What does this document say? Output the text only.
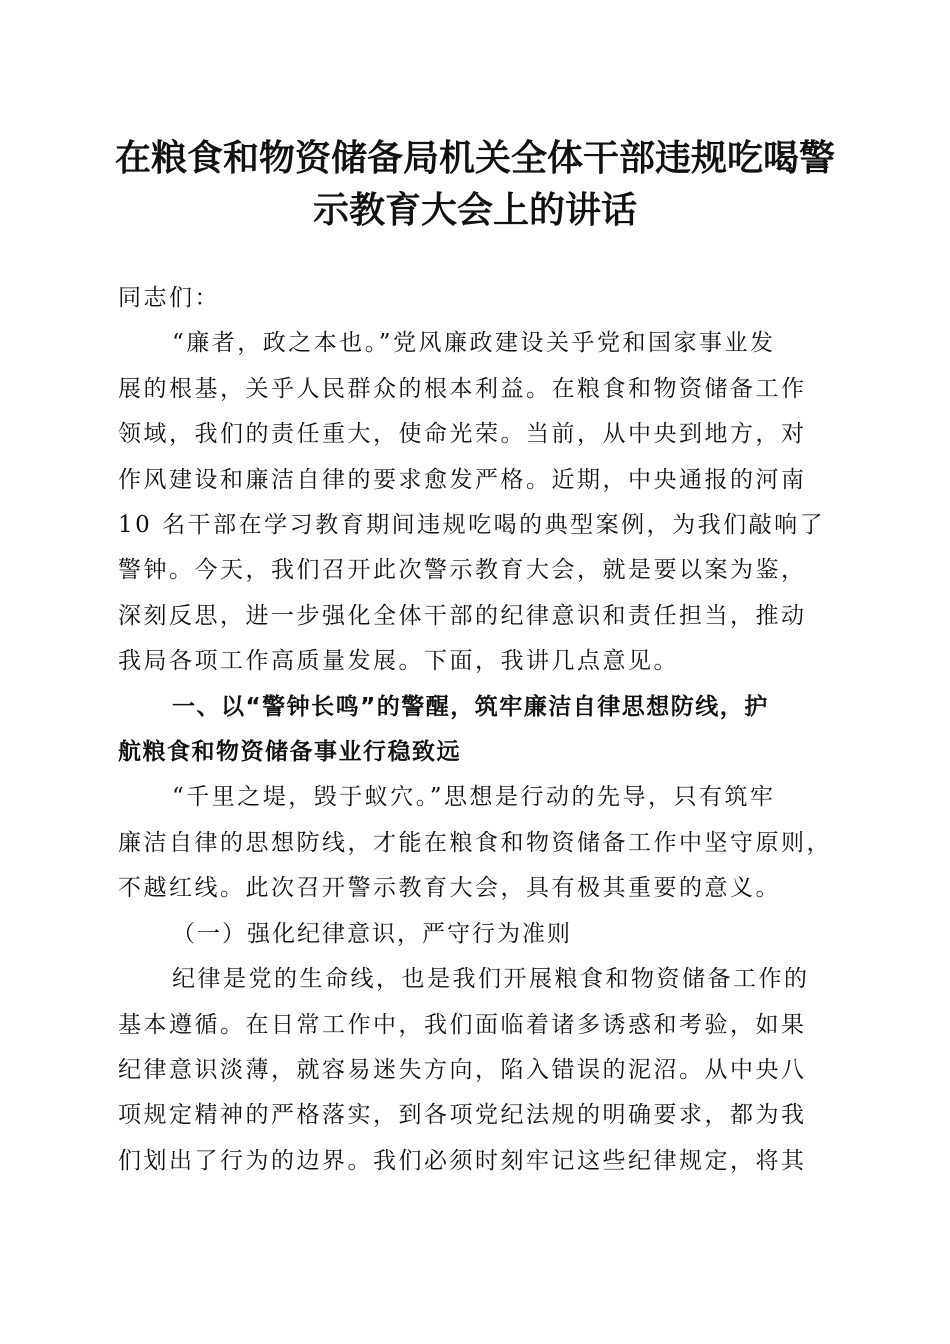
在粮食和物资储备局机关全体干部违规吃喝警
示教育大会上的讲话

同志们：

“廉者，政之本也。”党风廉政建设关乎党和国家事业发
展的根基，关乎人民群众的根本利益。在粮食和物资储备工作
领域，我们的责任重大，使命光荣。当前，从中央到地方，对
作风建设和廉洁自律的要求愈发严格。近期，中央通报的河南
10 名干部在学习教育期间违规吃喝的典型案例，为我们敲响了
警钟。今天，我们召开此次警示教育大会，就是要以案为鉴，
深刻反思，进一步强化全体干部的纪律意识和责任担当，推动
我局各项工作高质量发展。下面，我讲几点意见。
一、以“警钟长鸣”的警醒，筑牢廉洁自律思想防线，护
航粮食和物资储备事业行稳致远
“千里之堤，毁于蚁穴。”思想是行动的先导，只有筑牢
廉洁自律的思想防线，才能在粮食和物资储备工作中坚守原则，
不越红线。此次召开警示教育大会，具有极其重要的意义。

（一）强化纪律意识，严守行为准则

纪律是党的生命线，也是我们开展粮食和物资储备工作的
基本遵循。在日常工作中，我们面临着诸多诱惑和考验，如果
纪律意识淡薄，就容易迷失方向，陷入错误的泥沼。从中央八
项规定精神的严格落实，到各项党纪法规的明确要求，都为我
们划出了行为的边界。我们必须时刻牢记这些纪律规定，将其
